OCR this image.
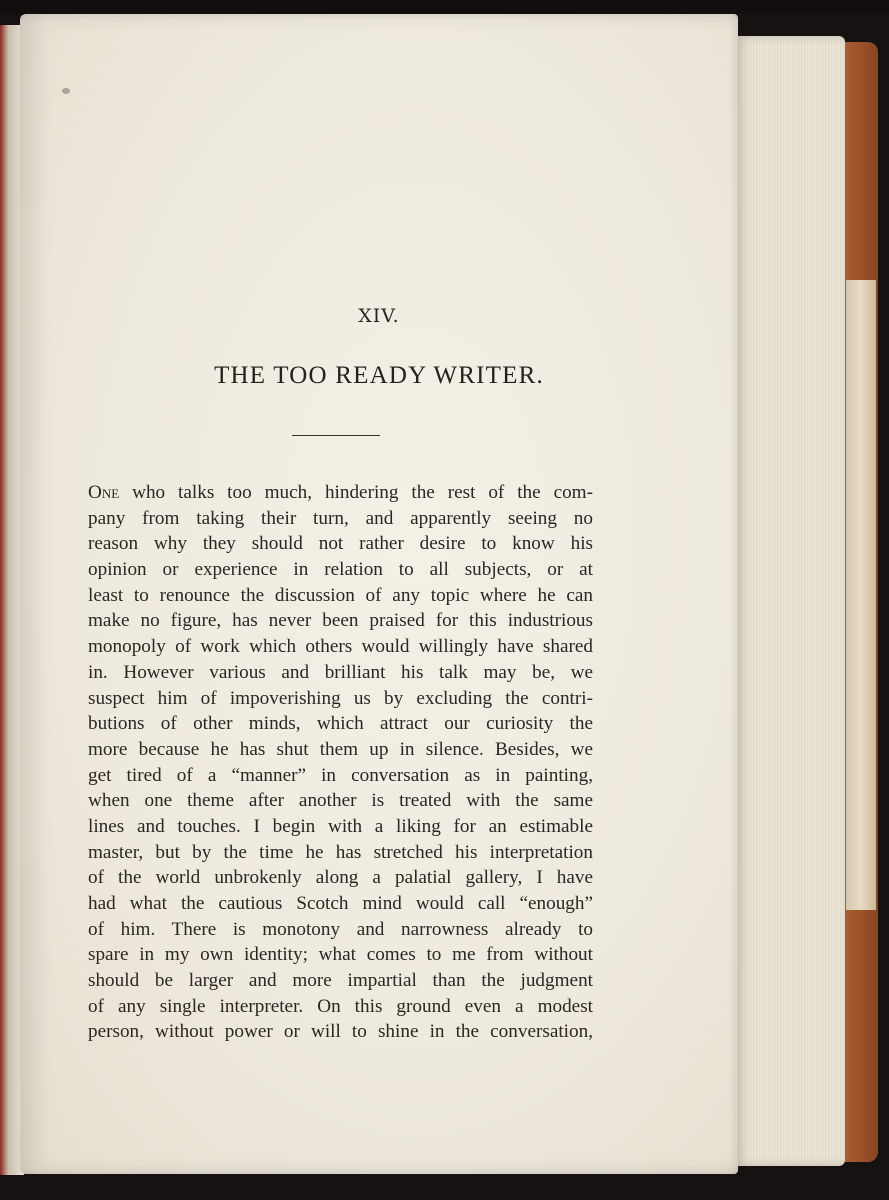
XIV.
THE TOO READY WRITER.
One who talks too much, hindering the rest of the com-
pany from taking their turn, and apparently seeing no
reason why they should not rather desire to know his
opinion or experience in relation to all subjects, or at
least to renounce the discussion of any topic where he can
make no figure, has never been praised for this industrious
monopoly of work which others would willingly have shared
in. However various and brilliant his talk may be, we
suspect him of impoverishing us by excluding the contri-
butions of other minds, which attract our curiosity the
more because he has shut them up in silence. Besides, we
get tired of a “manner” in conversation as in painting,
when one theme after another is treated with the same
lines and touches. I begin with a liking for an estimable
master, but by the time he has stretched his interpretation
of the world unbrokenly along a palatial gallery, I have
had what the cautious Scotch mind would call “enough”
of him. There is monotony and narrowness already to
spare in my own identity; what comes to me from without
should be larger and more impartial than the judgment
of any single interpreter. On this ground even a modest
person, without power or will to shine in the conversation,
